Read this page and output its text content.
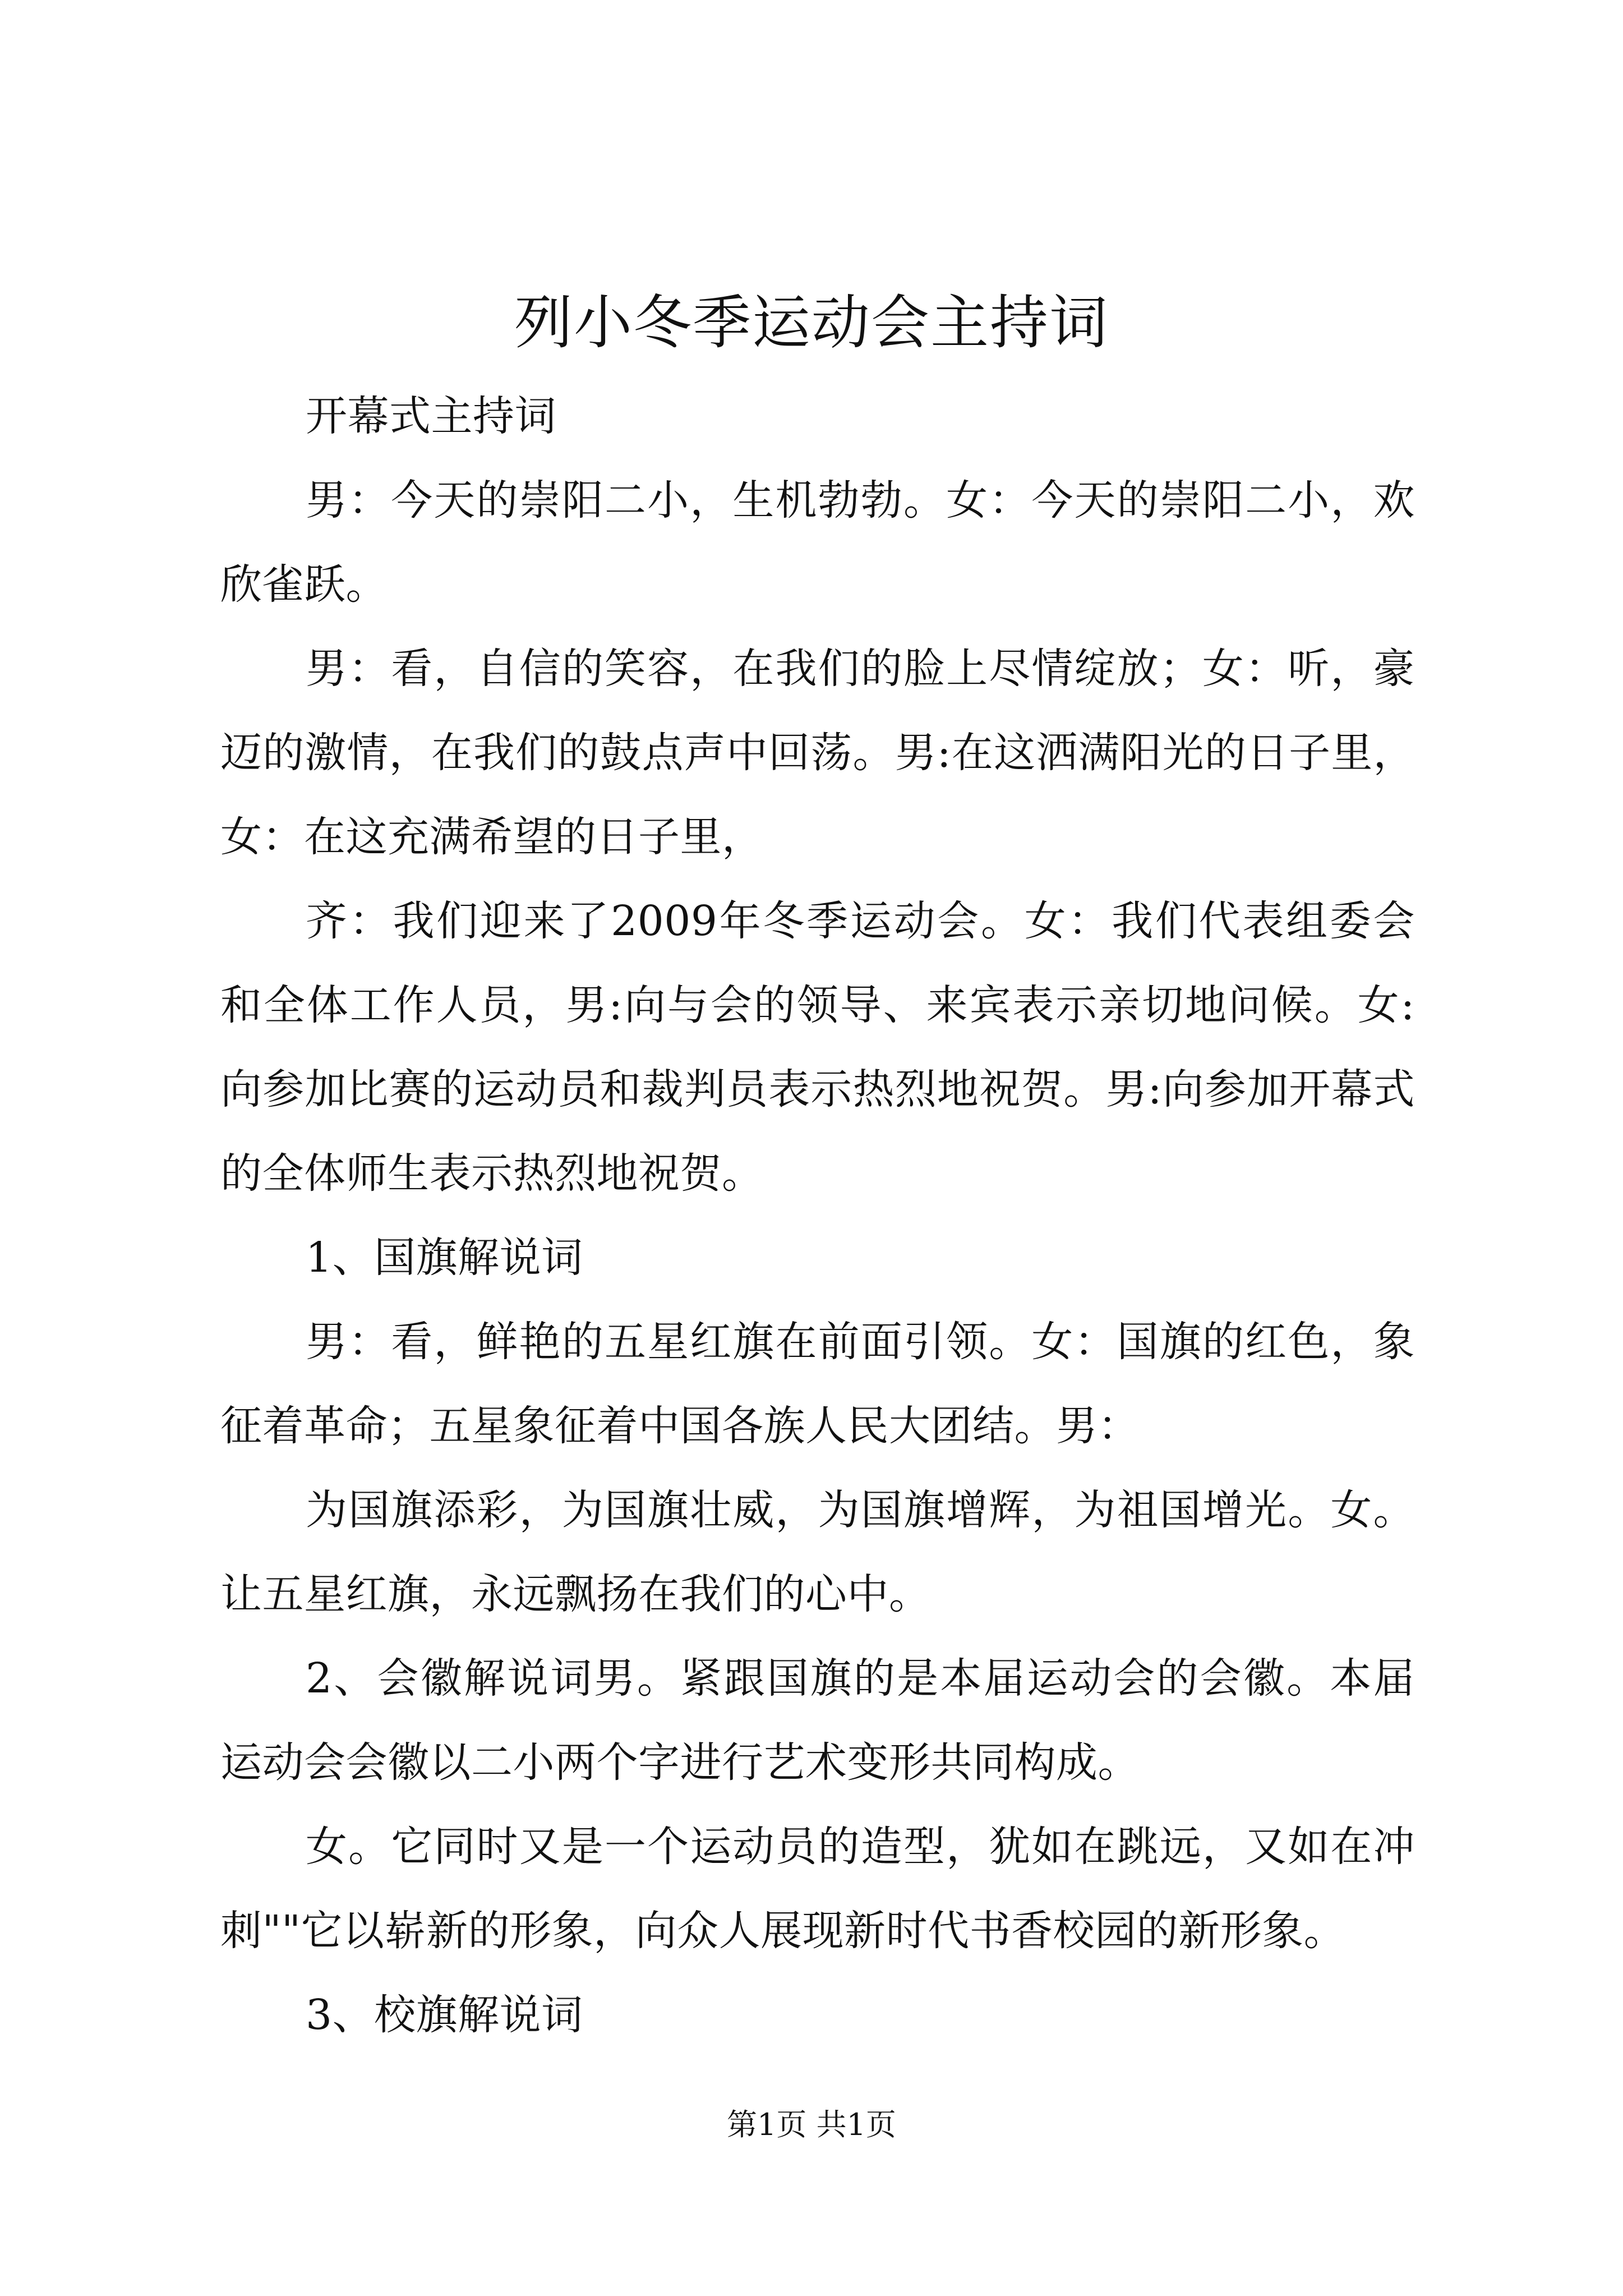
列小冬季运动会主持词

开幕式主持词

男：今天的崇阳二小，生机勃勃。女：今天的崇阳二小，欢欣雀跃。

男：看，自信的笑容，在我们的脸上尽情绽放；女：听，豪迈的激情，在我们的鼓点声中回荡。男:在这洒满阳光的日子里，女：在这充满希望的日子里，

齐：我们迎来了2009年冬季运动会。女：我们代表组委会和全体工作人员，男:向与会的领导、来宾表示亲切地问候。女:向参加比赛的运动员和裁判员表示热烈地祝贺。男:向参加开幕式的全体师生表示热烈地祝贺。

1、国旗解说词

男：看，鲜艳的五星红旗在前面引领。女：国旗的红色，象征着革命；五星象征着中国各族人民大团结。男：

为国旗添彩，为国旗壮威，为国旗增辉，为祖国增光。女。让五星红旗，永远飘扬在我们的心中。

2、会徽解说词男。紧跟国旗的是本届运动会的会徽。本届运动会会徽以二小两个字进行艺术变形共同构成。

女。它同时又是一个运动员的造型，犹如在跳远，又如在冲刺""它以崭新的形象，向众人展现新时代书香校园的新形象。

3、校旗解说词

第1页 共1页
